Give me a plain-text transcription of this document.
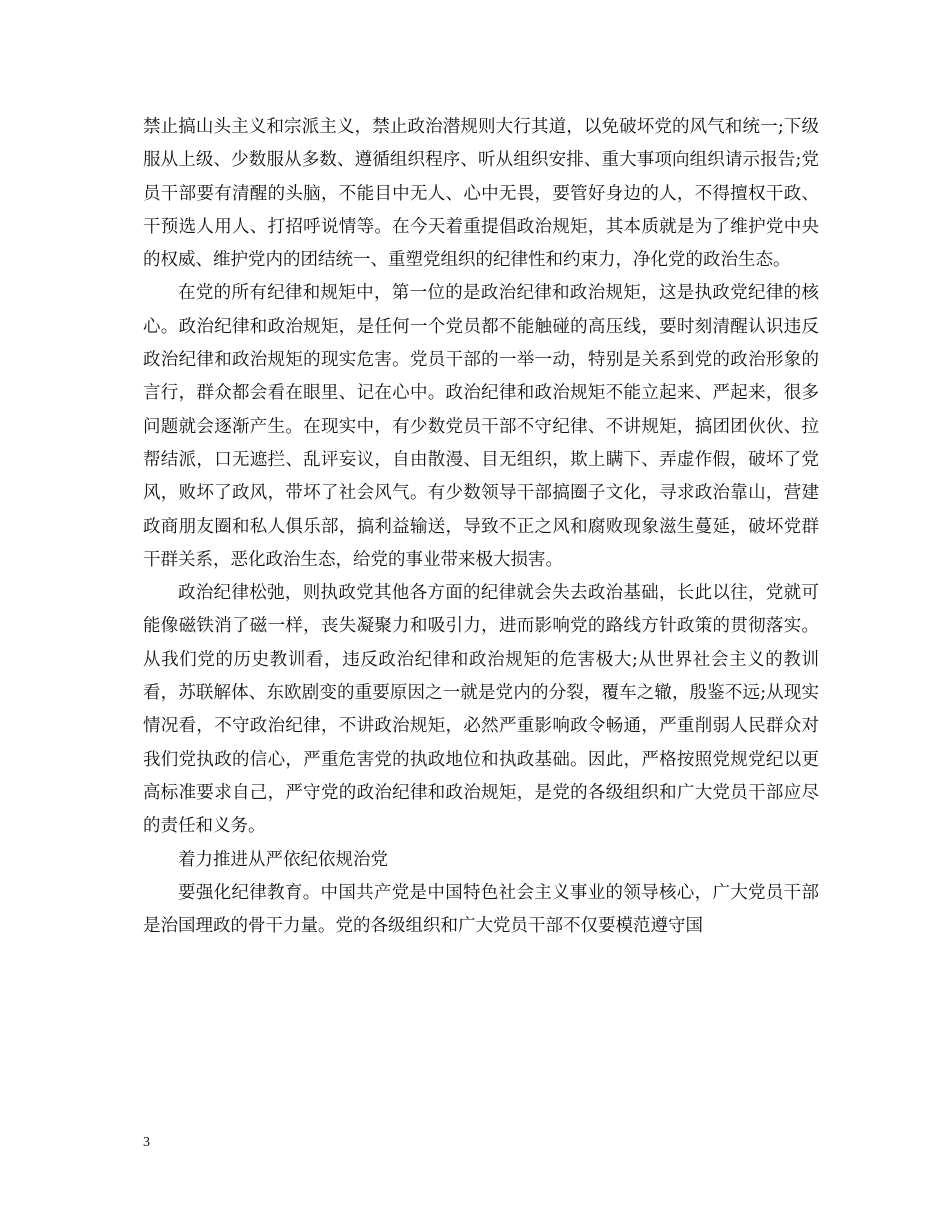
禁止搞山头主义和宗派主义，禁止政治潜规则大行其道，以免破坏党的风气和统一;下级服从上级、少数服从多数、遵循组织程序、听从组织安排、重大事项向组织请示报告;党员干部要有清醒的头脑，不能目中无人、心中无畏，要管好身边的人，不得擅权干政、干预选人用人、打招呼说情等。在今天着重提倡政治规矩，其本质就是为了维护党中央的权威、维护党内的团结统一、重塑党组织的纪律性和约束力，净化党的政治生态。

在党的所有纪律和规矩中，第一位的是政治纪律和政治规矩，这是执政党纪律的核心。政治纪律和政治规矩，是任何一个党员都不能触碰的高压线，要时刻清醒认识违反政治纪律和政治规矩的现实危害。党员干部的一举一动，特别是关系到党的政治形象的言行，群众都会看在眼里、记在心中。政治纪律和政治规矩不能立起来、严起来，很多问题就会逐渐产生。在现实中，有少数党员干部不守纪律、不讲规矩，搞团团伙伙、拉帮结派，口无遮拦、乱评妄议，自由散漫、目无组织，欺上瞒下、弄虚作假，破坏了党风，败坏了政风，带坏了社会风气。有少数领导干部搞圈子文化，寻求政治靠山，营建政商朋友圈和私人俱乐部，搞利益输送，导致不正之风和腐败现象滋生蔓延，破坏党群干群关系，恶化政治生态，给党的事业带来极大损害。

政治纪律松弛，则执政党其他各方面的纪律就会失去政治基础，长此以往，党就可能像磁铁消了磁一样，丧失凝聚力和吸引力，进而影响党的路线方针政策的贯彻落实。从我们党的历史教训看，违反政治纪律和政治规矩的危害极大;从世界社会主义的教训看，苏联解体、东欧剧变的重要原因之一就是党内的分裂，覆车之辙，殷鉴不远;从现实情况看，不守政治纪律，不讲政治规矩，必然严重影响政令畅通，严重削弱人民群众对我们党执政的信心，严重危害党的执政地位和执政基础。因此，严格按照党规党纪以更高标准要求自己，严守党的政治纪律和政治规矩，是党的各级组织和广大党员干部应尽的责任和义务。

着力推进从严依纪依规治党

要强化纪律教育。中国共产党是中国特色社会主义事业的领导核心，广大党员干部是治国理政的骨干力量。党的各级组织和广大党员干部不仅要模范遵守国

3
